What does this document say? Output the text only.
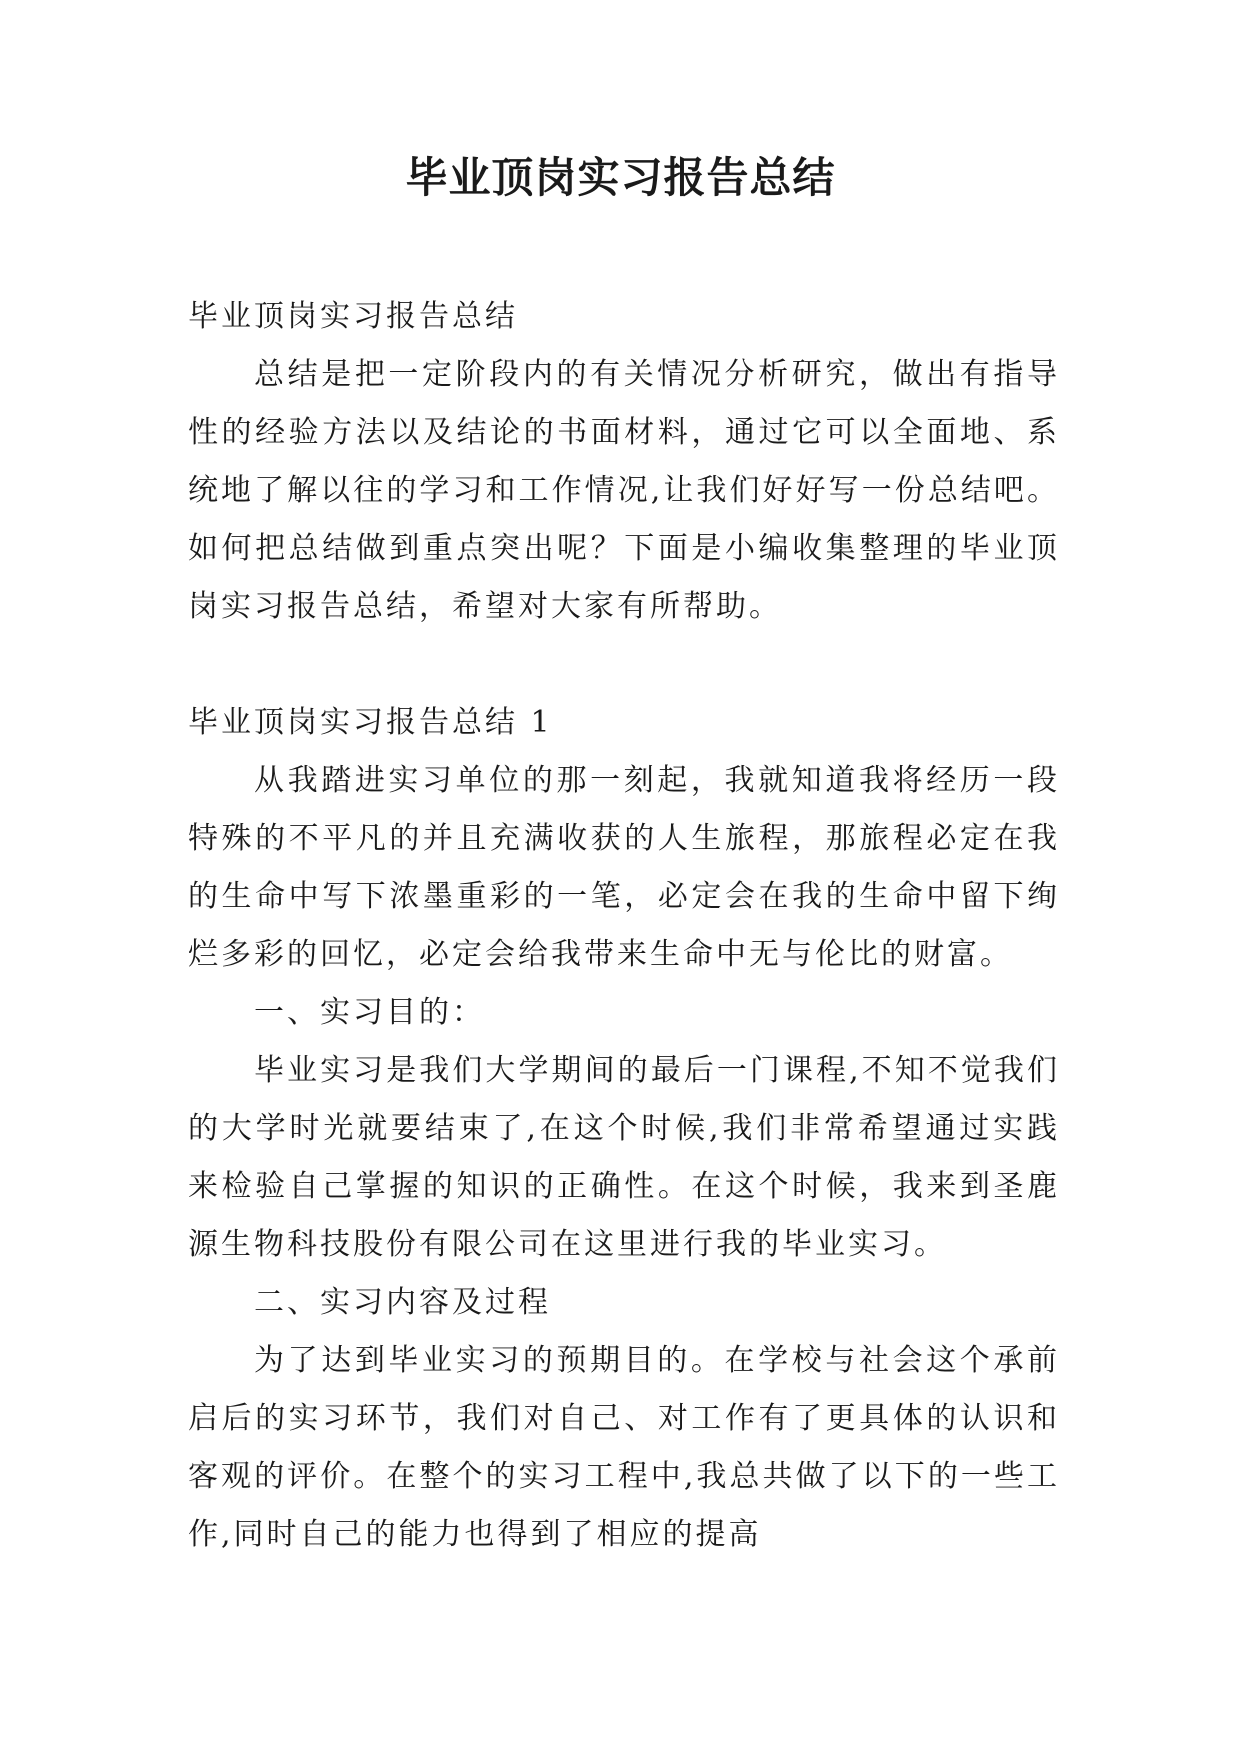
毕业顶岗实习报告总结

毕业顶岗实习报告总结

总结是把一定阶段内的有关情况分析研究，做出有指导性的经验方法以及结论的书面材料，通过它可以全面地、系统地了解以往的学习和工作情况,让我们好好写一份总结吧。如何把总结做到重点突出呢？下面是小编收集整理的毕业顶岗实习报告总结，希望对大家有所帮助。

毕业顶岗实习报告总结 1

从我踏进实习单位的那一刻起，我就知道我将经历一段特殊的不平凡的并且充满收获的人生旅程，那旅程必定在我的生命中写下浓墨重彩的一笔，必定会在我的生命中留下绚烂多彩的回忆，必定会给我带来生命中无与伦比的财富。

一、实习目的：

毕业实习是我们大学期间的最后一门课程,不知不觉我们的大学时光就要结束了,在这个时候,我们非常希望通过实践来检验自己掌握的知识的正确性。在这个时候，我来到圣鹿源生物科技股份有限公司在这里进行我的毕业实习。

二、实习内容及过程

为了达到毕业实习的预期目的。在学校与社会这个承前启后的实习环节，我们对自己、对工作有了更具体的认识和客观的评价。在整个的实习工程中,我总共做了以下的一些工作,同时自己的能力也得到了相应的提高
